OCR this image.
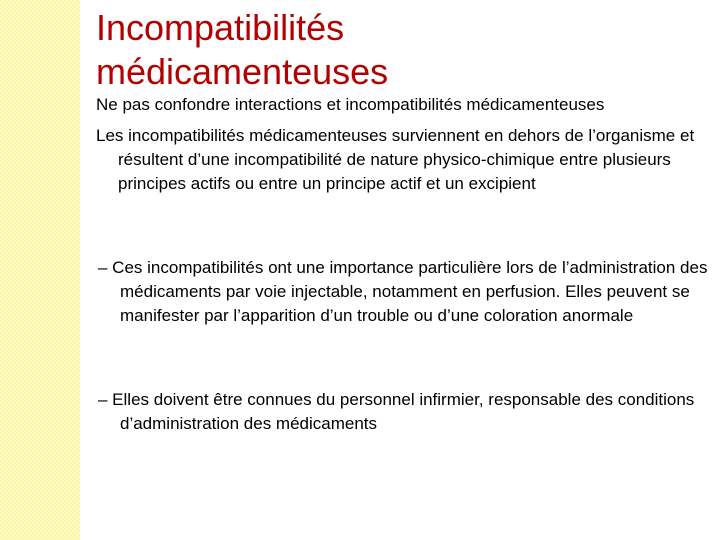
Incompatibilités
médicamenteuses

Ne pas confondre interactions et incompatibilités médicamenteuses

Les incompatibilités médicamenteuses surviennent en dehors de l’organisme et résultent d’une incompatibilité de nature physico-chimique entre plusieurs principes actifs ou entre un principe actif et un excipient

– Ces incompatibilités ont une importance particulière lors de l’administration des médicaments par voie injectable, notamment en perfusion. Elles peuvent se manifester par l’apparition d’un trouble ou d’une coloration anormale

– Elles doivent être connues du personnel infirmier, responsable des conditions d’administration des médicaments
